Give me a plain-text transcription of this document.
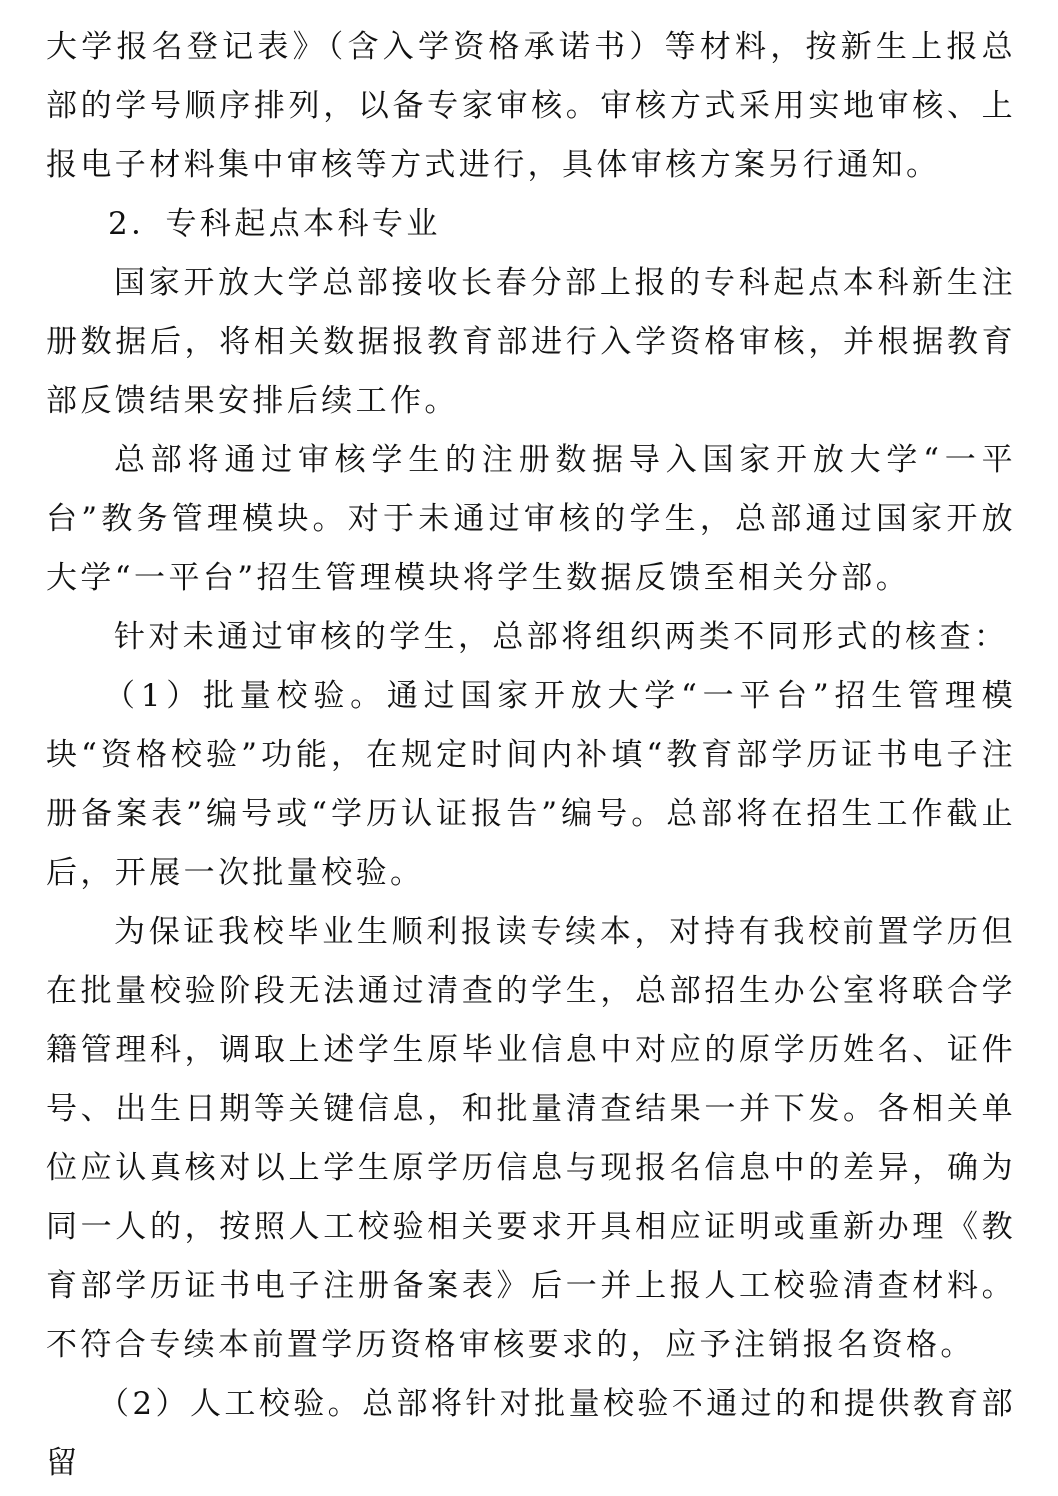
大学报名登记表》（含入学资格承诺书）等材料，按新生上报总部的学号顺序排列，以备专家审核。审核方式采用实地审核、上报电子材料集中审核等方式进行，具体审核方案另行通知。

2．专科起点本科专业

国家开放大学总部接收长春分部上报的专科起点本科新生注册数据后，将相关数据报教育部进行入学资格审核，并根据教育部反馈结果安排后续工作。

总部将通过审核学生的注册数据导入国家开放大学“一平台”教务管理模块。对于未通过审核的学生，总部通过国家开放大学“一平台”招生管理模块将学生数据反馈至相关分部。

针对未通过审核的学生，总部将组织两类不同形式的核查：

（1）批量校验。通过国家开放大学“一平台”招生管理模块“资格校验”功能，在规定时间内补填“教育部学历证书电子注册备案表”编号或“学历认证报告”编号。总部将在招生工作截止后，开展一次批量校验。

为保证我校毕业生顺利报读专续本，对持有我校前置学历但在批量校验阶段无法通过清查的学生，总部招生办公室将联合学籍管理科，调取上述学生原毕业信息中对应的原学历姓名、证件号、出生日期等关键信息，和批量清查结果一并下发。各相关单位应认真核对以上学生原学历信息与现报名信息中的差异，确为同一人的，按照人工校验相关要求开具相应证明或重新办理《教育部学历证书电子注册备案表》后一并上报人工校验清查材料。不符合专续本前置学历资格审核要求的，应予注销报名资格。

（2）人工校验。总部将针对批量校验不通过的和提供教育部留
